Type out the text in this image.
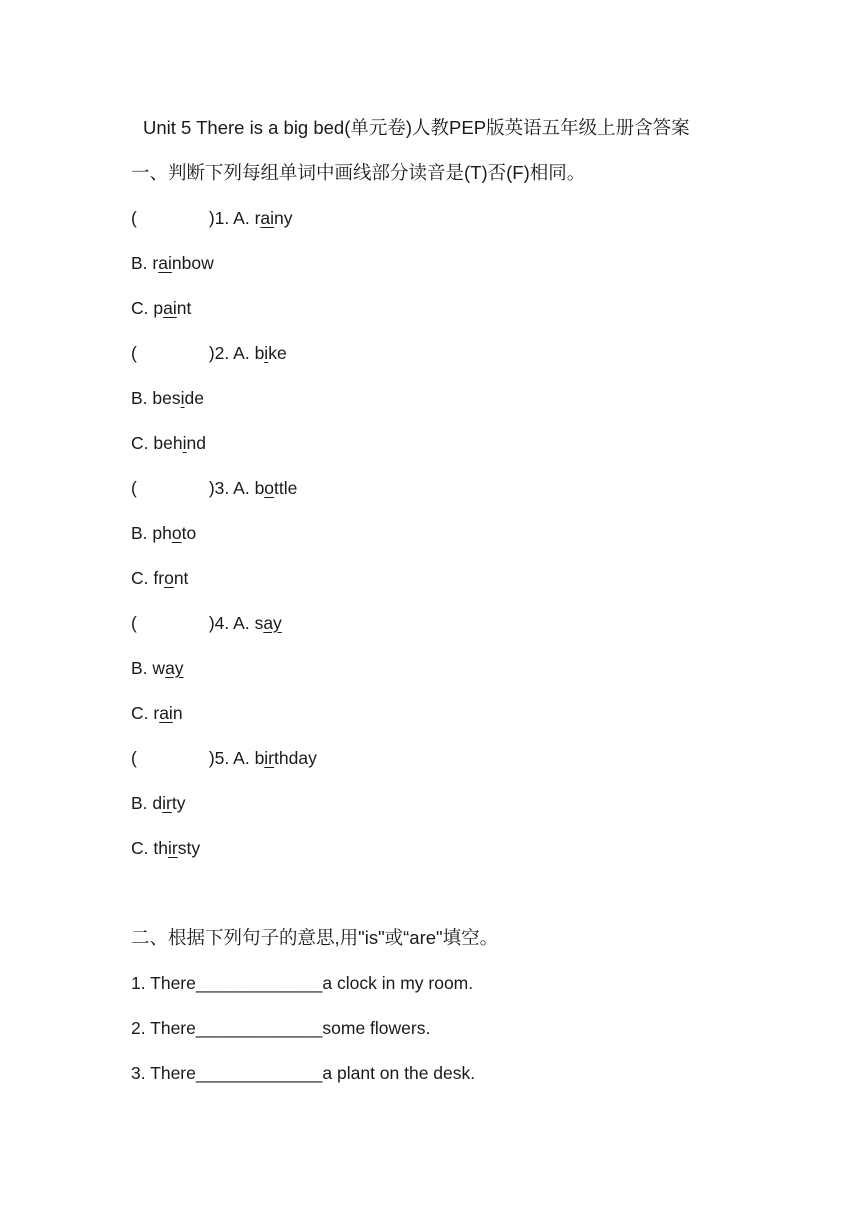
Unit 5 There is a big bed(单元卷)人教PEP版英语五年级上册含答案
一、判断下列每组单词中画线部分读音是(T)否(F)相同。
(	)1. A. rainy
B. rainbow
C. paint
(	)2. A. bike
B. beside
C. behind
(	)3. A. bottle
B. photo
C. front
(	)4. A. say
B. way
C. rain
(	)5. A. birthday
B. dirty
C. thirsty
二、根据下列句子的意思,用"is"或“are"填空。
1. There_____________a clock in my room.
2. There_____________some flowers.
3. There_____________a plant on the desk.
